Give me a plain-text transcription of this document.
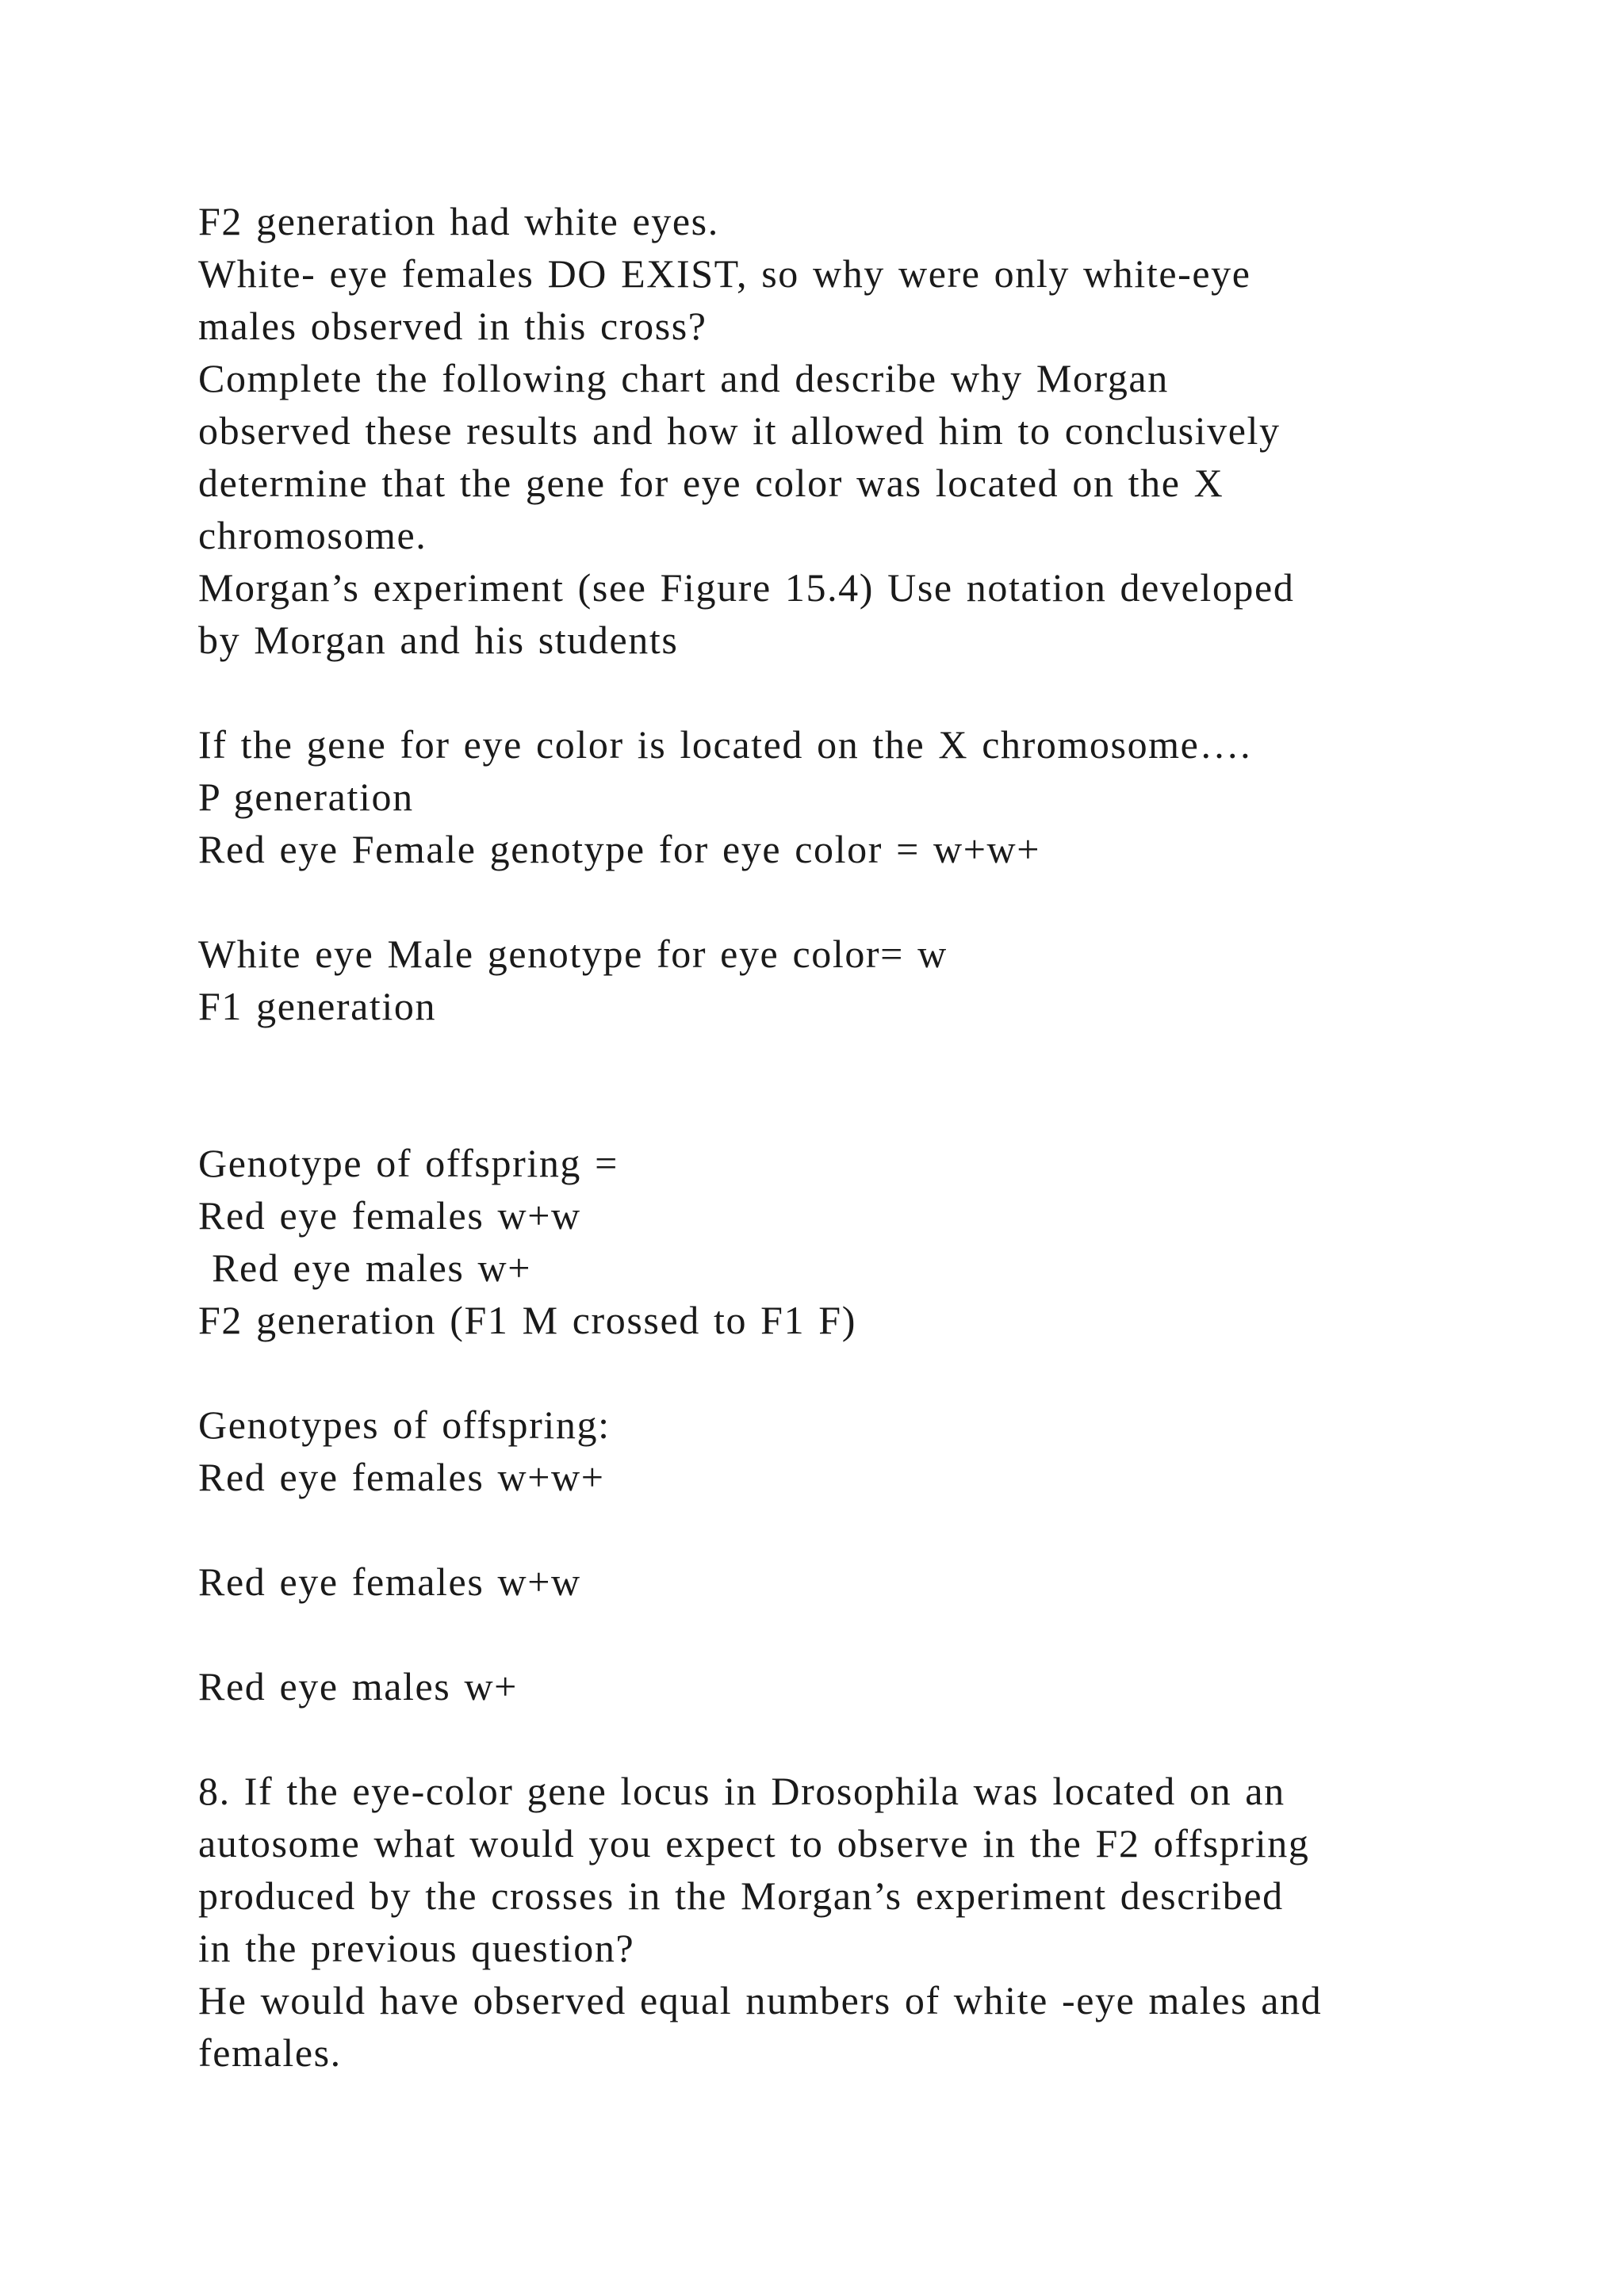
F2 generation had white eyes.
White- eye females DO EXIST, so why were only white-eye
males observed in this cross?
Complete the following chart and describe why Morgan
observed these results and how it allowed him to conclusively
determine that the gene for eye color was located on the X
chromosome.
Morgan’s experiment (see Figure 15.4) Use notation developed
by Morgan and his students
If the gene for eye color is located on the X chromosome….
P generation
Red eye Female genotype for eye color = w+w+
White eye Male genotype for eye color= w
F1 generation
Genotype of offspring =
Red eye females w+w
Red eye males w+
F2 generation (F1 M crossed to F1 F)
Genotypes of offspring:
Red eye females w+w+
Red eye females w+w
Red eye males w+
8. If the eye-color gene locus in Drosophila was located on an
autosome what would you expect to observe in the F2 offspring
produced by the crosses in the Morgan’s experiment described
in the previous question?
He would have observed equal numbers of white -eye males and
females.
